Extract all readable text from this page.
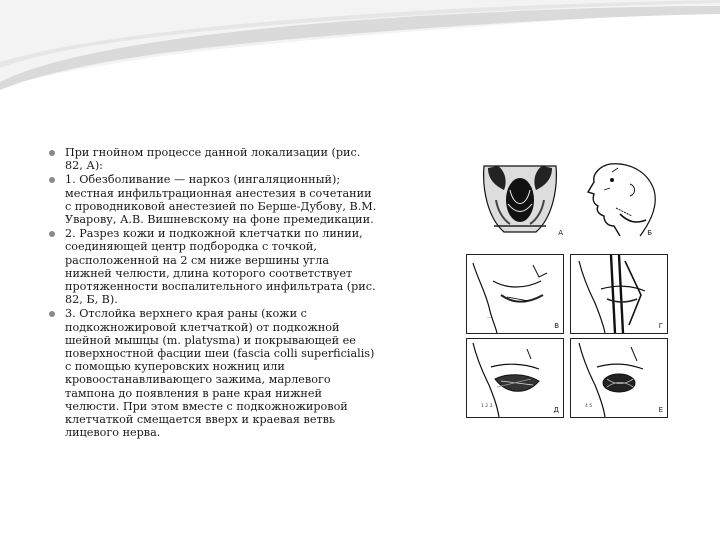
При гнойном процессе данной локализации (рис. 82, А):
1. Обезболивание — наркоз (ингаляционный); местная инфильтрационная анестезия в сочетании с проводниковой анестезией по Берше-Дубову, В.М. Уварову, А.В. Вишневскому на фоне премедикации.
2. Разрез кожи и подкожной клетчатки по линии, соединяющей центр подбородка с точкой, расположенной на 2 см ниже вершины угла нижней челюсти, длина которого соответствует протяженности воспалительного инфильтрата (рис. 82, Б, В).
3. Отслойка верхнего края раны (кожи с подкожножировой клетчаткой) от подкожной шейной мышцы (m. platysma) и покрывающей ее поверхностной фасции шеи (fascia colli superficialis) с помощью куперовских ножниц или кровоостанавливающего зажима, марлевого тампона до появления в ране края нижней челюсти. При этом вместе с подкожножировой клетчаткой смещается вверх и краевая ветвь лицевого нерва.
А	Б
---
В	Г
1 2 3	Д	4 5	Е
